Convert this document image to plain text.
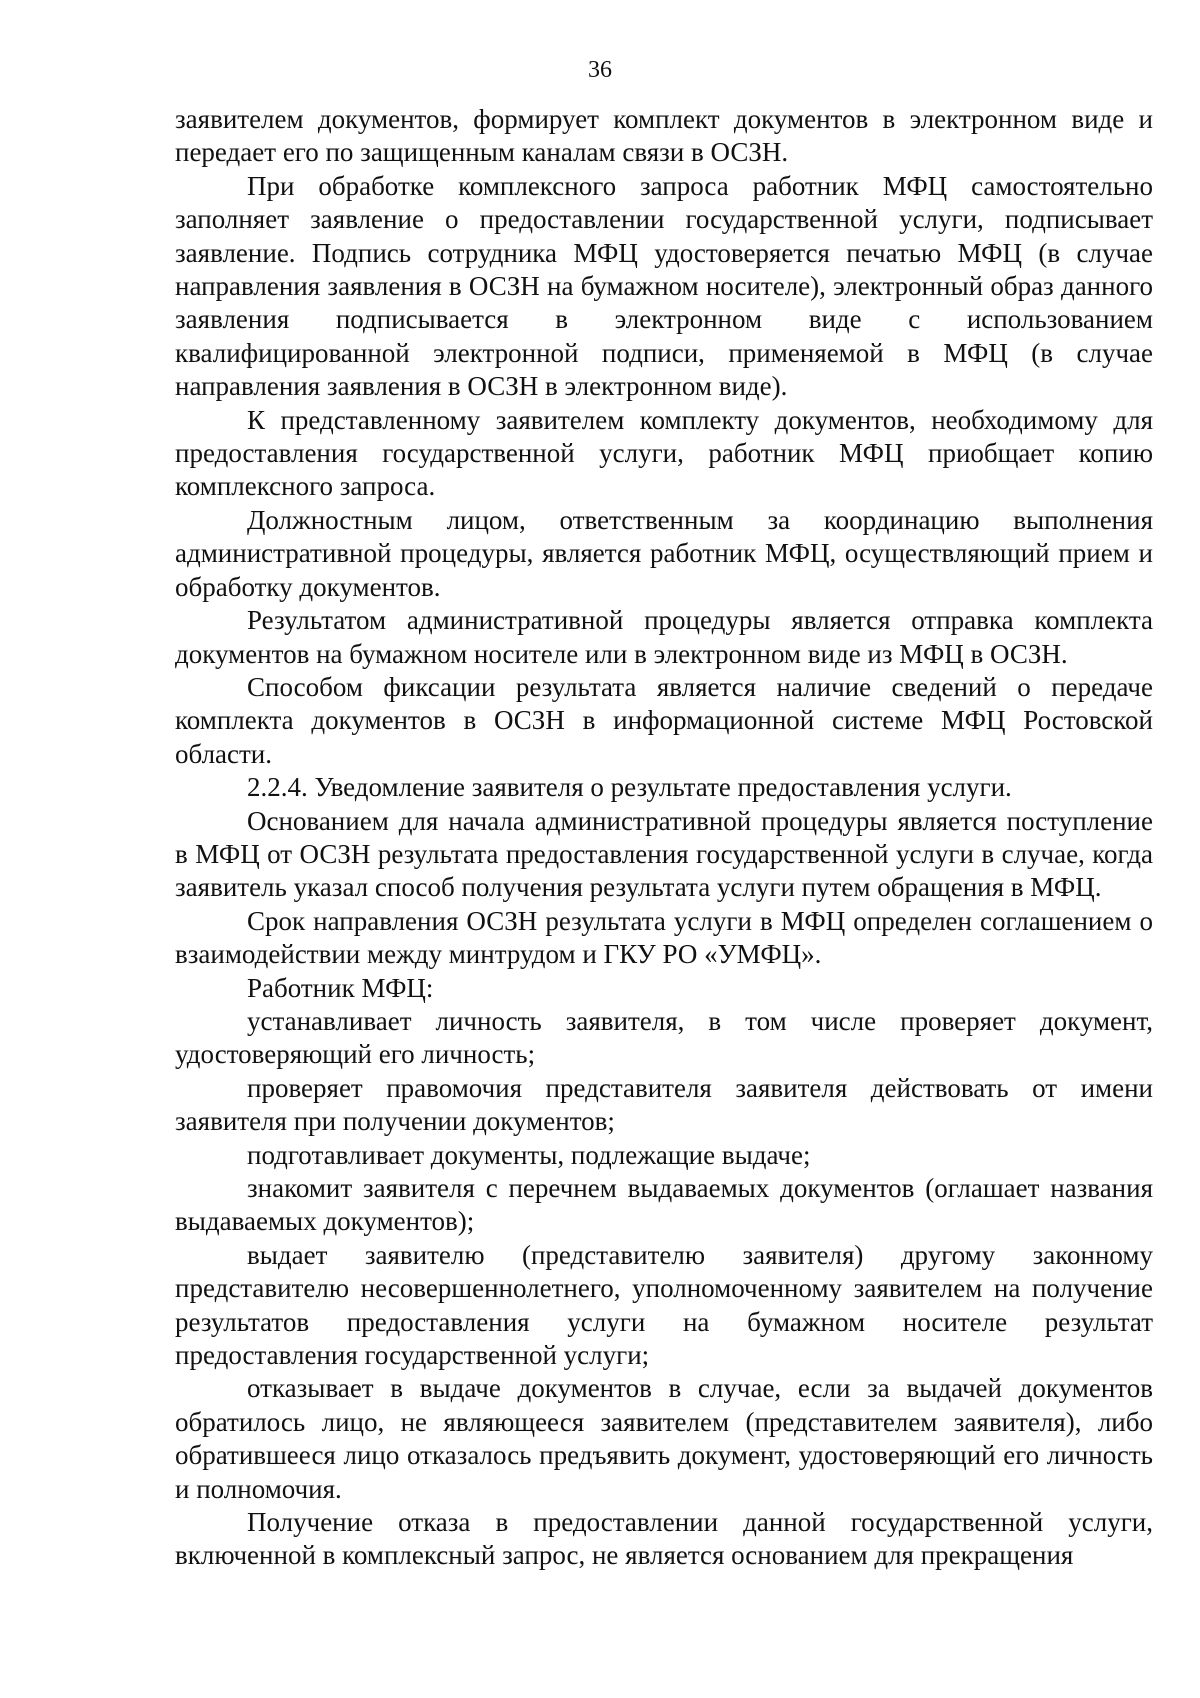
36

заявителем документов, формирует комплект документов в электронном виде и передает его по защищенным каналам связи в ОСЗН.

При обработке комплексного запроса работник МФЦ самостоятельно заполняет заявление о предоставлении государственной услуги, подписывает заявление. Подпись сотрудника МФЦ удостоверяется печатью МФЦ (в случае направления заявления в ОСЗН на бумажном носителе), электронный образ данного заявления подписывается в электронном виде с использованием квалифицированной электронной подписи, применяемой в МФЦ (в случае направления заявления в ОСЗН в электронном виде).

К представленному заявителем комплекту документов, необходимому для предоставления государственной услуги, работник МФЦ приобщает копию комплексного запроса.

Должностным лицом, ответственным за координацию выполнения административной процедуры, является работник МФЦ, осуществляющий прием и обработку документов.

Результатом административной процедуры является отправка комплекта документов на бумажном носителе или в электронном виде из МФЦ в ОСЗН.

Способом фиксации результата является наличие сведений о передаче комплекта документов в ОСЗН в информационной системе МФЦ Ростовской области.

2.2.4. Уведомление заявителя о результате предоставления услуги.

Основанием для начала административной процедуры является поступление в МФЦ от ОСЗН результата предоставления государственной услуги в случае, когда заявитель указал способ получения результата услуги путем обращения в МФЦ.

Срок направления ОСЗН результата услуги в МФЦ определен соглашением о взаимодействии между минтрудом и ГКУ РО «УМФЦ».

Работник МФЦ:

устанавливает личность заявителя, в том числе проверяет документ, удостоверяющий его личность;

проверяет правомочия представителя заявителя действовать от имени заявителя при получении документов;

подготавливает документы, подлежащие выдаче;

знакомит заявителя с перечнем выдаваемых документов (оглашает названия выдаваемых документов);

выдает заявителю (представителю заявителя) другому законному представителю несовершеннолетнего, уполномоченному заявителем на получение результатов предоставления услуги на бумажном носителе результат предоставления государственной услуги;

отказывает в выдаче документов в случае, если за выдачей документов обратилось лицо, не являющееся заявителем (представителем заявителя), либо обратившееся лицо отказалось предъявить документ, удостоверяющий его личность и полномочия.

Получение отказа в предоставлении данной государственной услуги, включенной в комплексный запрос, не является основанием для прекращения
